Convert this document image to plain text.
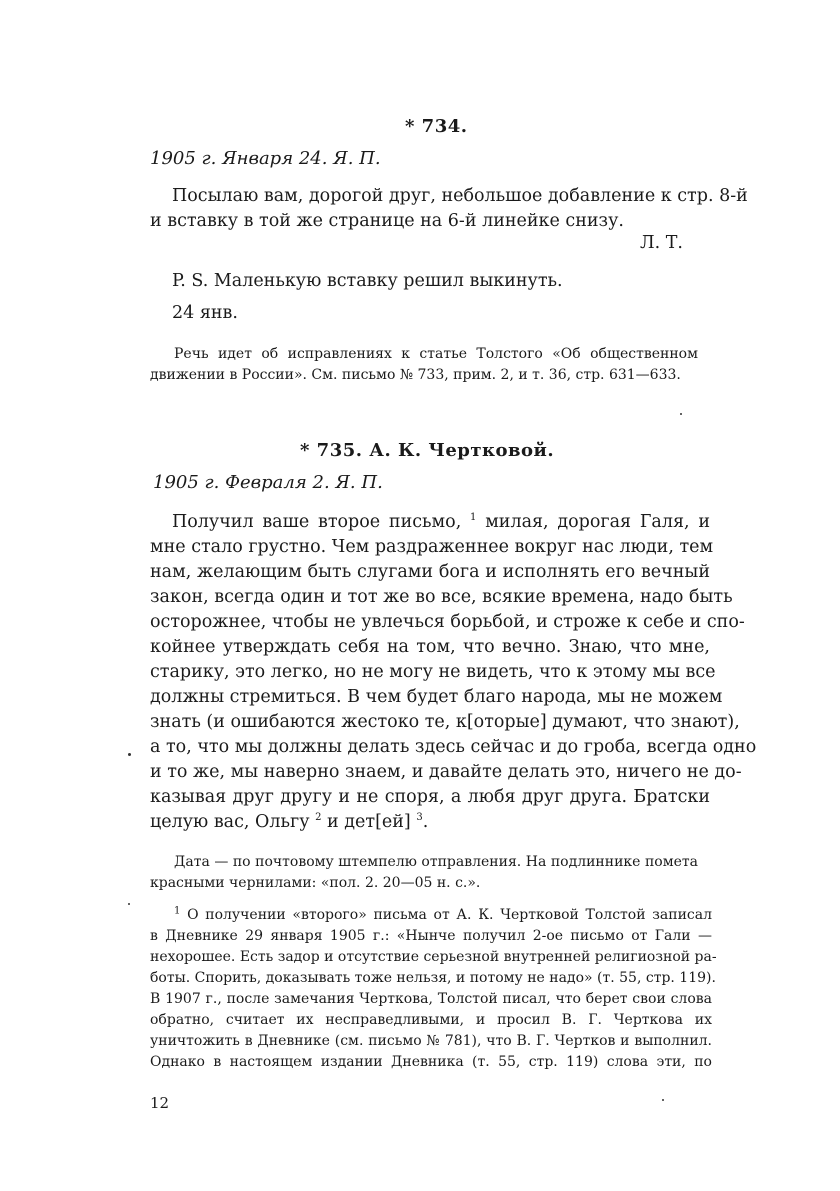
* 734.
1905 г. Января 24. Я. П.
Посылаю вам, дорогой друг, небольшое добавление к стр. 8-й
и вставку в той же странице на 6-й линейке снизу.
Л. Т.
P. S. Маленькую вставку решил выкинуть.
24 янв.
Речь идет об исправлениях к статье Толстого «Об общественном
движении в России». См. письмо № 733, прим. 2, и т. 36, стр. 631—633.
* 735. А. К. Чертковой.
1905 г. Февраля 2. Я. П.
Получил ваше второе письмо, $^1$ милая, дорогая Галя, и
мне стало грустно. Чем раздраженнее вокруг нас люди, тем
нам, желающим быть слугами бога и исполнять его вечный
закон, всегда один и тот же во все, всякие времена, надо быть
осторожнее, чтобы не увлечься борьбой, и строже к себе и спо-
койнее утверждать себя на том, что вечно. Знаю, что мне,
старику, это легко, но не могу не видеть, что к этому мы все
должны стремиться. В чем будет благо народа, мы не можем
знать (и ошибаются жестоко те, к[оторые] думают, что знают),
а то, что мы должны делать здесь сейчас и до гроба, всегда одно
и то же, мы наверно знаем, и давайте делать это, ничего не до-
казывая друг другу и не споря, а любя друг друга. Братски
целую вас, Ольгу $^2$ и дет[ей] $^3$.
Дата — по почтовому штемпелю отправления. На подлиннике помета
красными чернилами: «пол. 2. 20—05 н. с.».
$^1$ О получении «второго» письма от А. К. Чертковой Толстой записал
в Дневнике 29 января 1905 г.: «Нынче получил 2-ое письмо от Гали —
нехорошее. Есть задор и отсутствие серьезной внутренней религиозной ра-
боты. Спорить, доказывать тоже нельзя, и потому не надо» (т. 55, стр. 119).
В 1907 г., после замечания Черткова, Толстой писал, что берет свои слова
обратно, считает их несправедливыми, и просил В. Г. Черткова их
уничтожить в Дневнике (см. письмо № 781), что В. Г. Чертков и выполнил.
Однако в настоящем издании Дневника (т. 55, стр. 119) слова эти, по
12
